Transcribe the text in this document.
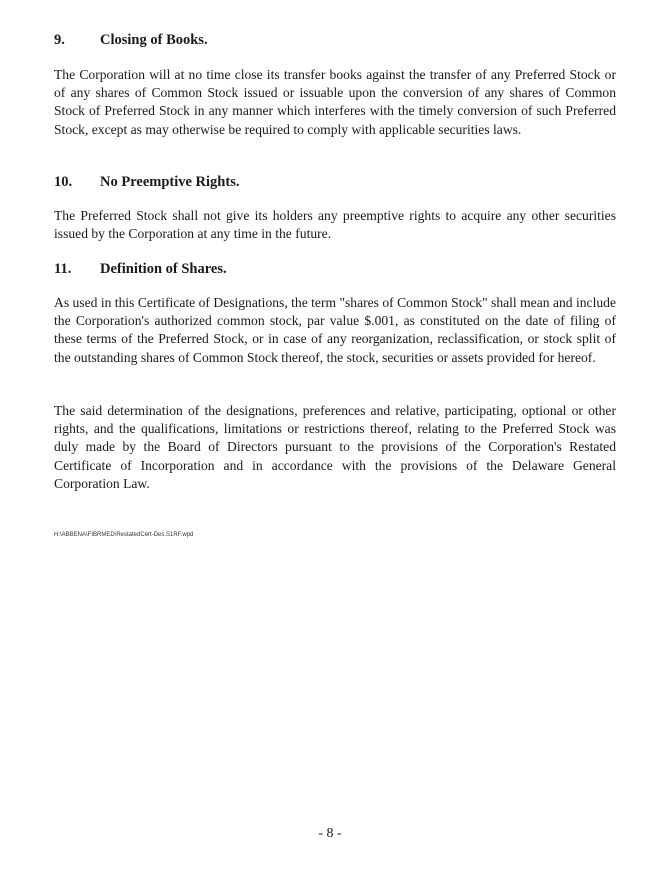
9. Closing of Books.

The Corporation will at no time close its transfer books against the transfer of any Preferred Stock or of any shares of Common Stock issued or issuable upon the conversion of any shares of Common Stock of Preferred Stock in any manner which interferes with the timely conversion of such Preferred Stock, except as may otherwise be required to comply with applicable securities laws.

10. No Preemptive Rights.

The Preferred Stock shall not give its holders any preemptive rights to acquire any other securities issued by the Corporation at any time in the future.

11. Definition of Shares.

As used in this Certificate of Designations, the term "shares of Common Stock" shall mean and include the Corporation's authorized common stock, par value $.001, as constituted on the date of filing of these terms of the Preferred Stock, or in case of any reorganization, reclassification, or stock split of the outstanding shares of Common Stock thereof, the stock, securities or assets provided for hereof.

The said determination of the designations, preferences and relative, participating, optional or other rights, and the qualifications, limitations or restrictions thereof, relating to the Preferred Stock was duly made by the Board of Directors pursuant to the provisions of the Corporation's Restated Certificate of Incorporation and in accordance with the provisions of the Delaware General Corporation Law.

H:\ABBENA\FIBRMED\RestatedCert-Des.S1RF.wpd
- 8 -
